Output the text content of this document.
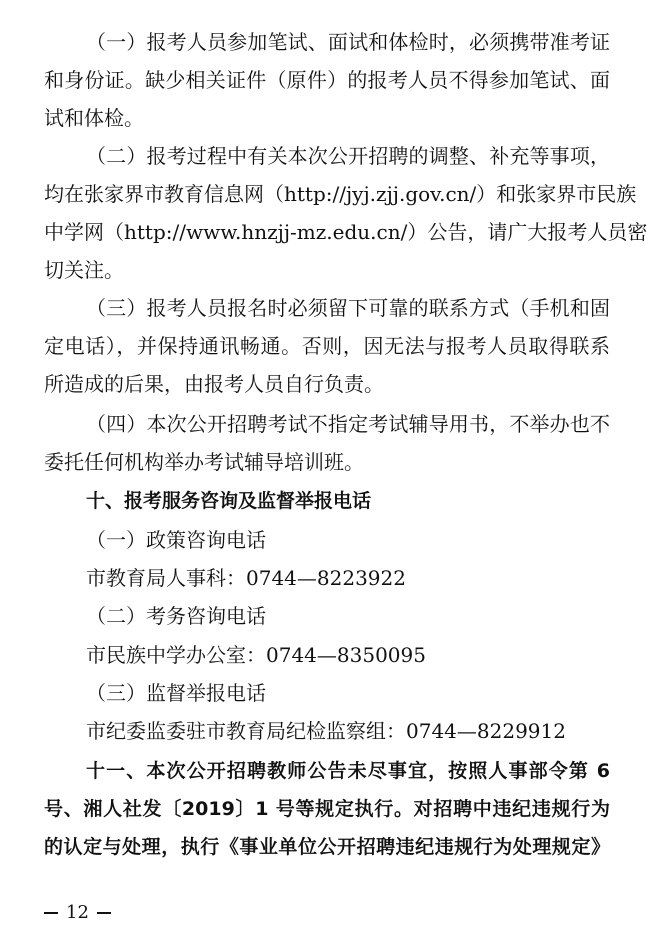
（一）报考人员参加笔试、面试和体检时，必须携带准考证
和身份证。缺少相关证件（原件）的报考人员不得参加笔试、面
试和体检。
（二）报考过程中有关本次公开招聘的调整、补充等事项，
均在张家界市教育信息网（http://jyj.zjj.gov.cn/）和张家界市民族
中学网（http://www.hnzjj-mz.edu.cn/）公告，请广大报考人员密
切关注。
（三）报考人员报名时必须留下可靠的联系方式（手机和固
定电话），并保持通讯畅通。否则，因无法与报考人员取得联系
所造成的后果，由报考人员自行负责。
（四）本次公开招聘考试不指定考试辅导用书，不举办也不
委托任何机构举办考试辅导培训班。
十、报考服务咨询及监督举报电话
（一）政策咨询电话
市教育局人事科：0744—8223922
（二）考务咨询电话
市民族中学办公室：0744—8350095
（三）监督举报电话
市纪委监委驻市教育局纪检监察组：0744—8229912
十一、本次公开招聘教师公告未尽事宜，按照人事部令第 6
号、湘人社发〔2019〕1 号等规定执行。对招聘中违纪违规行为
的认定与处理，执行《事业单位公开招聘违纪违规行为处理规定》
12
